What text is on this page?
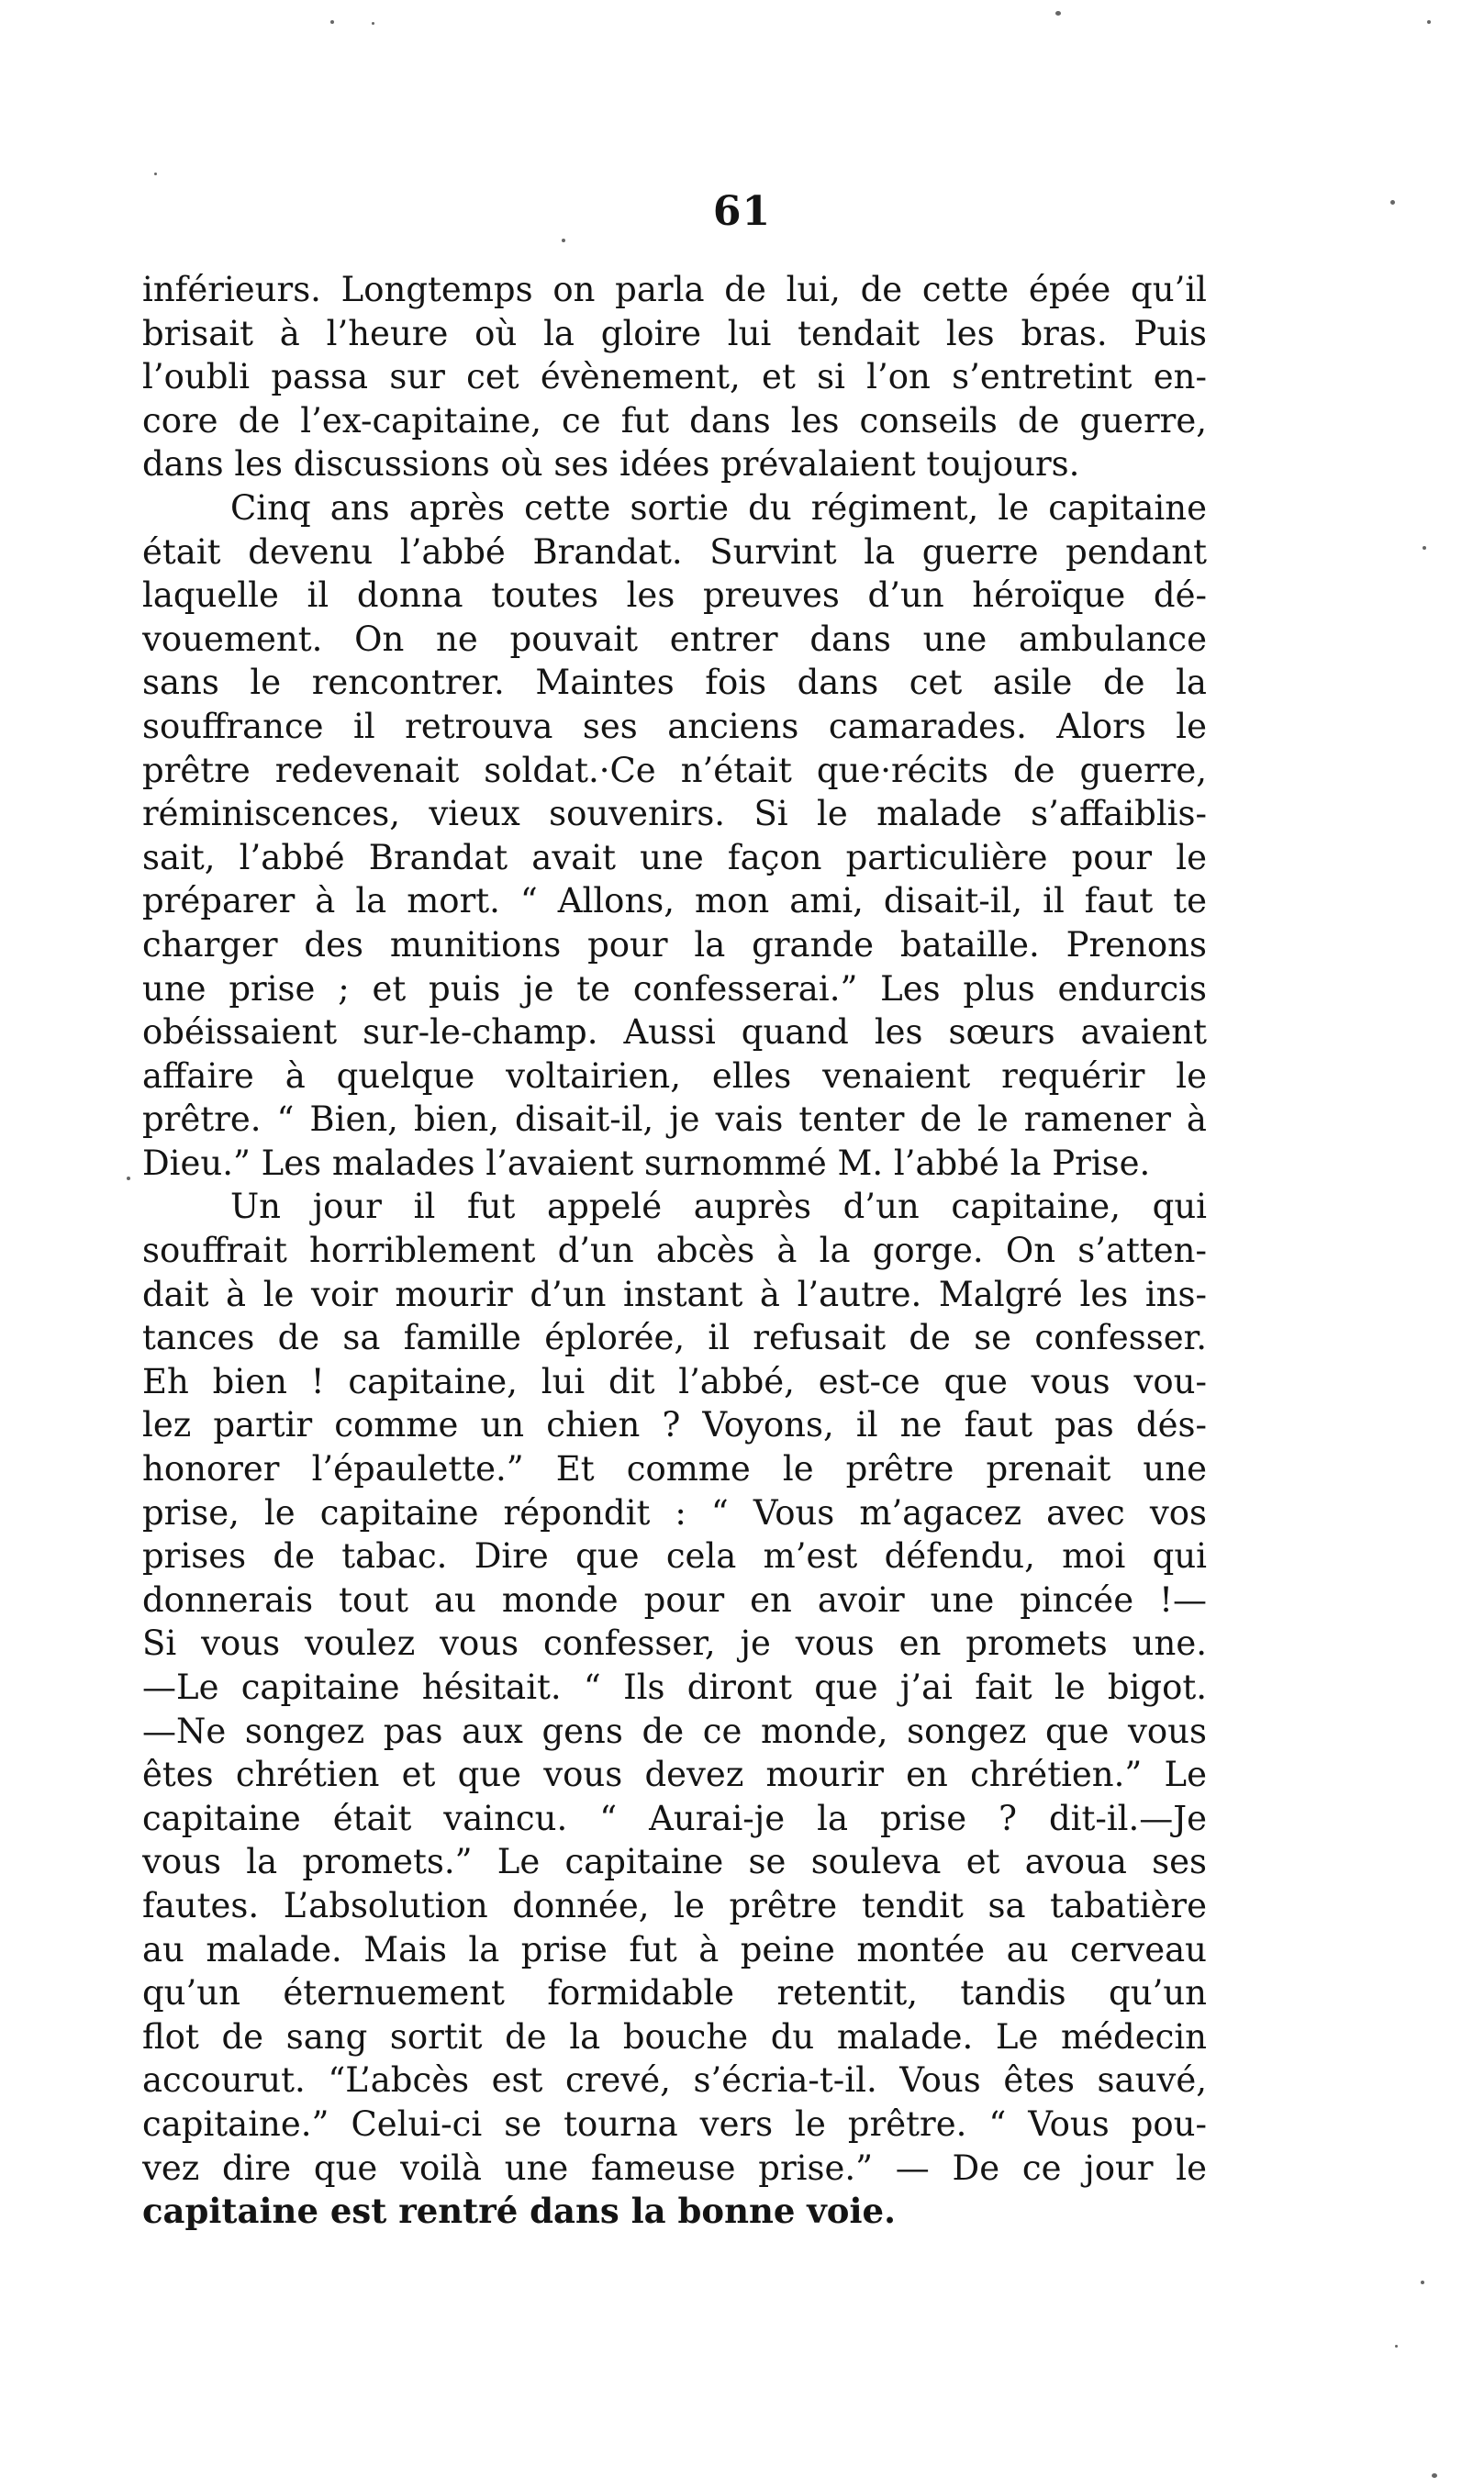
61
inférieurs. Longtemps on parla de lui, de cette épée qu’il
brisait à l’heure où la gloire lui tendait les bras. Puis
l’oubli passa sur cet évènement, et si l’on s’entretint en-
core de l’ex-capitaine, ce fut dans les conseils de guerre,
dans les discussions où ses idées prévalaient toujours.
Cinq ans après cette sortie du régiment, le capitaine
était devenu l’abbé Brandat. Survint la guerre pendant
laquelle il donna toutes les preuves d’un héroïque dé-
vouement. On ne pouvait entrer dans une ambulance
sans le rencontrer. Maintes fois dans cet asile de la
souffrance il retrouva ses anciens camarades. Alors le
prêtre redevenait soldat.·Ce n’était que·récits de guerre,
réminiscences, vieux souvenirs. Si le malade s’affaiblis-
sait, l’abbé Brandat avait une façon particulière pour le
préparer à la mort. “ Allons, mon ami, disait-il, il faut te
charger des munitions pour la grande bataille. Prenons
une prise ; et puis je te confesserai.” Les plus endurcis
obéissaient sur-le-champ. Aussi quand les sœurs avaient
affaire à quelque voltairien, elles venaient requérir le
prêtre. “ Bien, bien, disait-il, je vais tenter de le ramener à
Dieu.” Les malades l’avaient surnommé M. l’abbé la Prise.
Un jour il fut appelé auprès d’un capitaine, qui
souffrait horriblement d’un abcès à la gorge. On s’atten-
dait à le voir mourir d’un instant à l’autre. Malgré les ins-
tances de sa famille éplorée, il refusait de se confesser.
Eh bien ! capitaine, lui dit l’abbé, est-ce que vous vou-
lez partir comme un chien ? Voyons, il ne faut pas dés-
honorer l’épaulette.” Et comme le prêtre prenait une
prise, le capitaine répondit : “ Vous m’agacez avec vos
prises de tabac. Dire que cela m’est défendu, moi qui
donnerais tout au monde pour en avoir une pincée !—
Si vous voulez vous confesser, je vous en promets une.
—Le capitaine hésitait. “ Ils diront que j’ai fait le bigot.
—Ne songez pas aux gens de ce monde, songez que vous
êtes chrétien et que vous devez mourir en chrétien.” Le
capitaine était vaincu. “ Aurai-je la prise ? dit-il.—Je
vous la promets.” Le capitaine se souleva et avoua ses
fautes. L’absolution donnée, le prêtre tendit sa tabatière
au malade. Mais la prise fut à peine montée au cerveau
qu’un éternuement formidable retentit, tandis qu’un
flot de sang sortit de la bouche du malade. Le médecin
accourut. “L’abcès est crevé, s’écria-t-il. Vous êtes sauvé,
capitaine.” Celui-ci se tourna vers le prêtre. “ Vous pou-
vez dire que voilà une fameuse prise.” — De ce jour le
capitaine est rentré dans la bonne voie.
